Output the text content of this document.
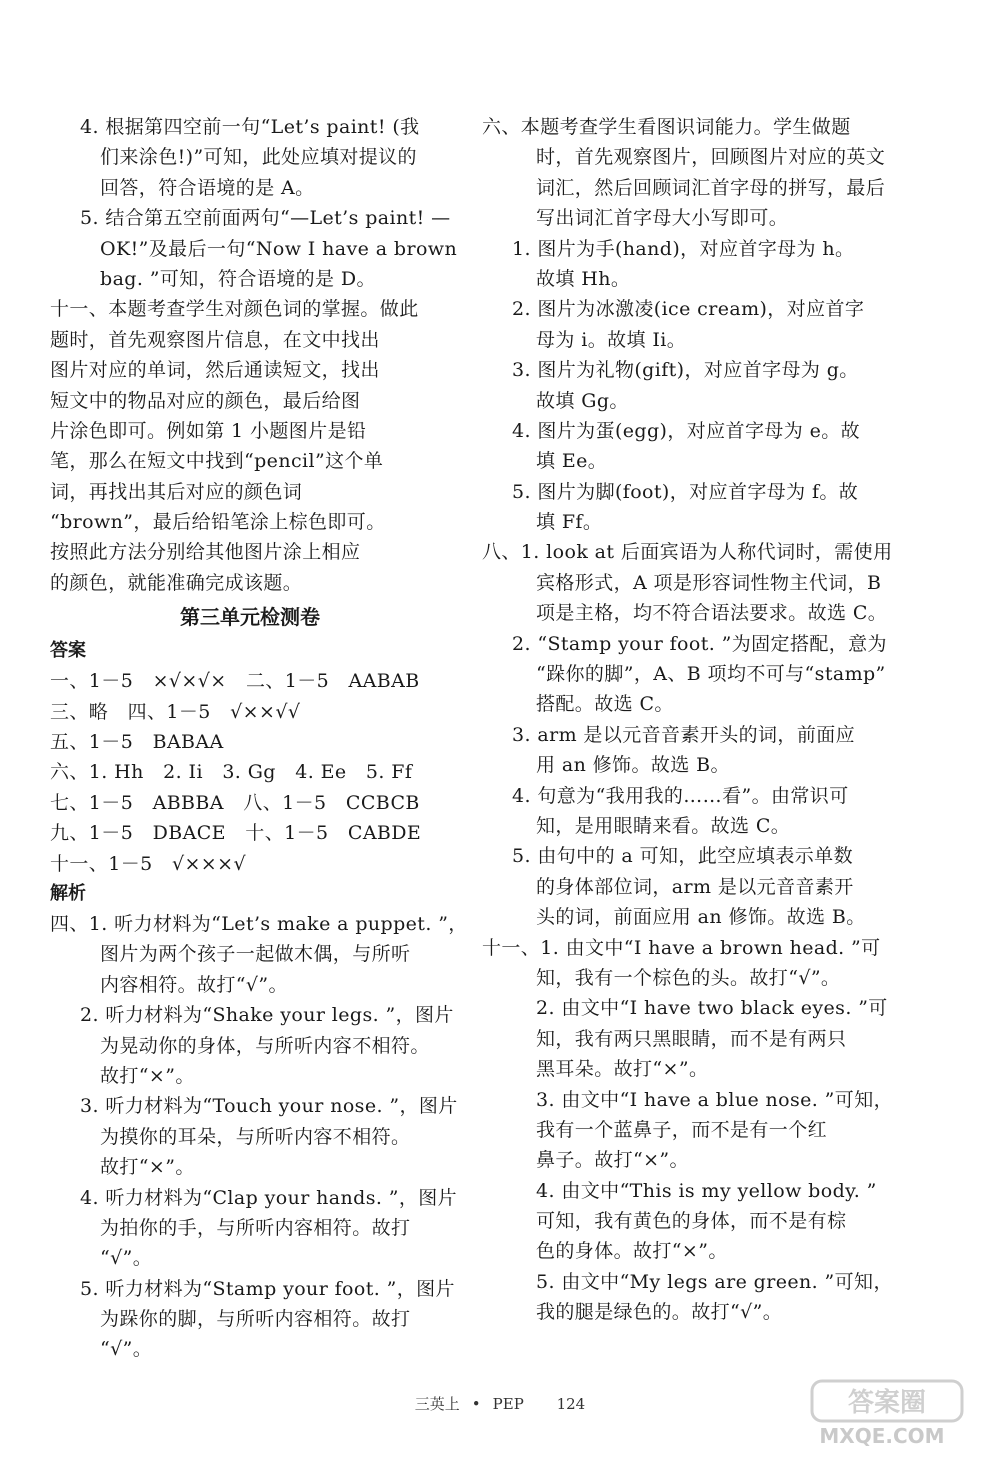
4. 根据第四空前一句“Let’s paint! (我
们来涂色!)”可知，此处应填对提议的
回答，符合语境的是 A。
5. 结合第五空前面两句“—Let’s paint! —
OK!”及最后一句“Now I have a brown
bag. ”可知，符合语境的是 D。
十一、本题考查学生对颜色词的掌握。做此
题时，首先观察图片信息，在文中找出
图片对应的单词，然后通读短文，找出
短文中的物品对应的颜色，最后给图
片涂色即可。例如第 1 小题图片是铅
笔，那么在短文中找到“pencil”这个单
词，再找出其后对应的颜色词
“brown”，最后给铅笔涂上棕色即可。
按照此方法分别给其他图片涂上相应
的颜色，就能准确完成该题。
第三单元检测卷
答案
一、1－5　×√×√×　二、1－5　AABAB
三、略　四、1－5　√××√√
五、1－5　BABAA
六、1. Hh　2. Ii　3. Gg　4. Ee　5. Ff
七、1－5　ABBBA　八、1－5　CCBCB
九、1－5　DBACE　十、1－5　CABDE
十一、1－5　√×××√
解析
四、1. 听力材料为“Let’s make a puppet. ”，
图片为两个孩子一起做木偶，与所听
内容相符。故打“√”。
2. 听力材料为“Shake your legs. ”，图片
为晃动你的身体，与所听内容不相符。
故打“×”。
3. 听力材料为“Touch your nose. ”，图片
为摸你的耳朵，与所听内容不相符。
故打“×”。
4. 听力材料为“Clap your hands. ”，图片
为拍你的手，与所听内容相符。故打
“√”。
5. 听力材料为“Stamp your foot. ”，图片
为跺你的脚，与所听内容相符。故打
“√”。
六、本题考查学生看图识词能力。学生做题
时，首先观察图片，回顾图片对应的英文
词汇，然后回顾词汇首字母的拼写，最后
写出词汇首字母大小写即可。
1. 图片为手(hand)，对应首字母为 h。
故填 Hh。
2. 图片为冰激凌(ice cream)，对应首字
母为 i。故填 Ii。
3. 图片为礼物(gift)，对应首字母为 g。
故填 Gg。
4. 图片为蛋(egg)，对应首字母为 e。故
填 Ee。
5. 图片为脚(foot)，对应首字母为 f。故
填 Ff。
八、1. look at 后面宾语为人称代词时，需使用
宾格形式，A 项是形容词性物主代词，B
项是主格，均不符合语法要求。故选 C。
2. “Stamp your foot. ”为固定搭配，意为
“跺你的脚”，A、B 项均不可与“stamp”
搭配。故选 C。
3. arm 是以元音音素开头的词，前面应
用 an 修饰。故选 B。
4. 句意为“我用我的……看”。由常识可
知，是用眼睛来看。故选 C。
5. 由句中的 a 可知，此空应填表示单数
的身体部位词，arm 是以元音音素开
头的词，前面应用 an 修饰。故选 B。
十一、1. 由文中“I have a brown head. ”可
知，我有一个棕色的头。故打“√”。
2. 由文中“I have two black eyes. ”可
知，我有两只黑眼睛，而不是有两只
黑耳朵。故打“×”。
3. 由文中“I have a blue nose. ”可知，
我有一个蓝鼻子，而不是有一个红
鼻子。故打“×”。
4. 由文中“This is my yellow body. ”
可知，我有黄色的身体，而不是有棕
色的身体。故打“×”。
5. 由文中“My legs are green. ”可知，
我的腿是绿色的。故打“√”。
三英上 • PEP 124	答案圈
MXQE.COM
